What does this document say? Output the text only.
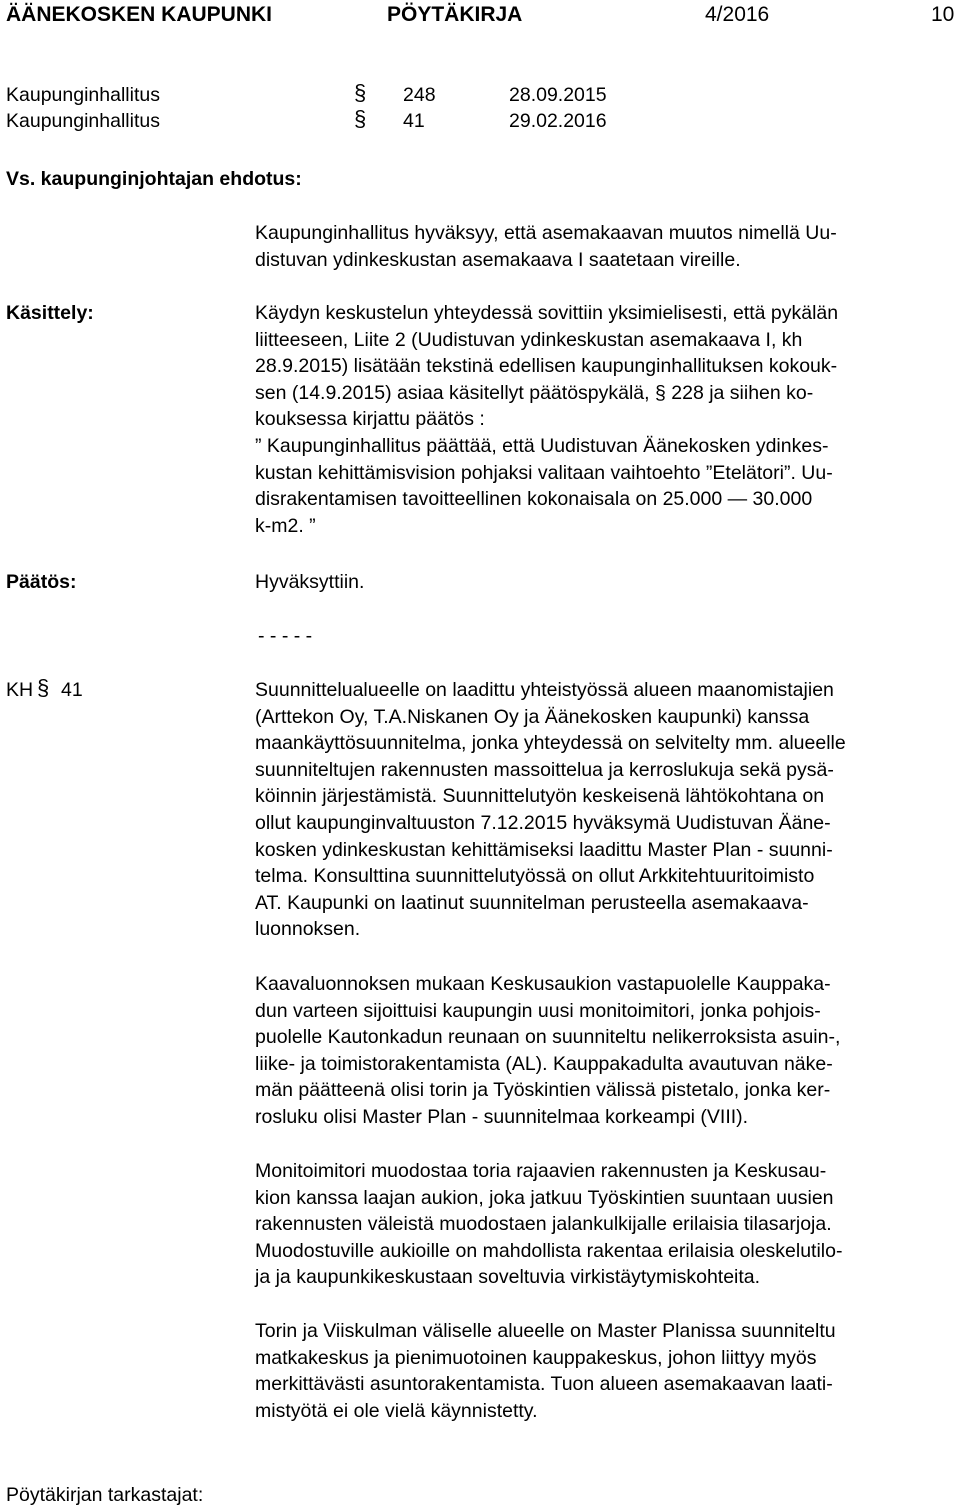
ÄÄNEKOSKEN KAUPUNKI	PÖYTÄKIRJA	4/2016	10
Kaupunginhallitus	§ 248	28.09.2015
Kaupunginhallitus	§ 41	29.02.2016
Vs. kaupunginjohtajan ehdotus:

Kaupunginhallitus hyväksyy, että asemakaavan muutos nimellä Uu-

distuvan ydinkeskustan asemakaava I saatetaan vireille.

Käsittely:	Käydyn keskustelun yhteydessä sovittiin yksimielisesti, että pykälän

liitteeseen, Liite 2 (Uudistuvan ydinkeskustan asemakaava I, kh

28.9.2015) lisätään tekstinä edellisen kaupunginhallituksen kokouk-

sen (14.9.2015) asiaa käsitellyt päätöspykälä, § 228 ja siihen ko-

kouksessa kirjattu päätös :

” Kaupunginhallitus päättää, että Uudistuvan Äänekosken ydinkes-

kustan kehittämisvision pohjaksi valitaan vaihtoehto ”Etelätori”. Uu-

disrakentamisen tavoitteellinen kokonaisala on 25.000 — 30.000

k-m2. ”

Päätös:	Hyväksyttiin.
- - - - -
KH § 41	Suunnittelualueelle on laadittu yhteistyössä alueen maanomistajien

(Arttekon Oy, T.A.Niskanen Oy ja Äänekosken kaupunki) kanssa

maankäyttösuunnitelma, jonka yhteydessä on selvitelty mm. alueelle

suunniteltujen rakennusten massoittelua ja kerroslukuja sekä pysä-

köinnin järjestämistä. Suunnittelutyön keskeisenä lähtökohtana on

ollut kaupunginvaltuuston 7.12.2015 hyväksymä Uudistuvan Ääne-

kosken ydinkeskustan kehittämiseksi laadittu Master Plan - suunni-

telma. Konsulttina suunnittelutyössä on ollut Arkkitehtuuritoimisto

AT. Kaupunki on laatinut suunnitelman perusteella asemakaava-

luonnoksen.

Kaavaluonnoksen mukaan Keskusaukion vastapuolelle Kauppaka-

dun varteen sijoittuisi kaupungin uusi monitoimitori, jonka pohjois-

puolelle Kautonkadun reunaan on suunniteltu nelikerroksista asuin-,

liike- ja toimistorakentamista (AL). Kauppakadulta avautuvan näke-

män päätteenä olisi torin ja Työskintien välissä pistetalo, jonka ker-

rosluku olisi Master Plan - suunnitelmaa korkeampi (VIII).

Monitoimitori muodostaa toria rajaavien rakennusten ja Keskusau-

kion kanssa laajan aukion, joka jatkuu Työskintien suuntaan uusien

rakennusten väleistä muodostaen jalankulkijalle erilaisia tilasarjoja.

Muodostuville aukioille on mahdollista rakentaa erilaisia oleskelutilo-

ja ja kaupunkikeskustaan soveltuvia virkistäytymiskohteita.

Torin ja Viiskulman väliselle alueelle on Master Planissa suunniteltu

matkakeskus ja pienimuotoinen kauppakeskus, johon liittyy myös

merkittävästi asuntorakentamista. Tuon alueen asemakaavan laati-

mistyötä ei ole vielä käynnistetty.

Pöytäkirjan tarkastajat:
